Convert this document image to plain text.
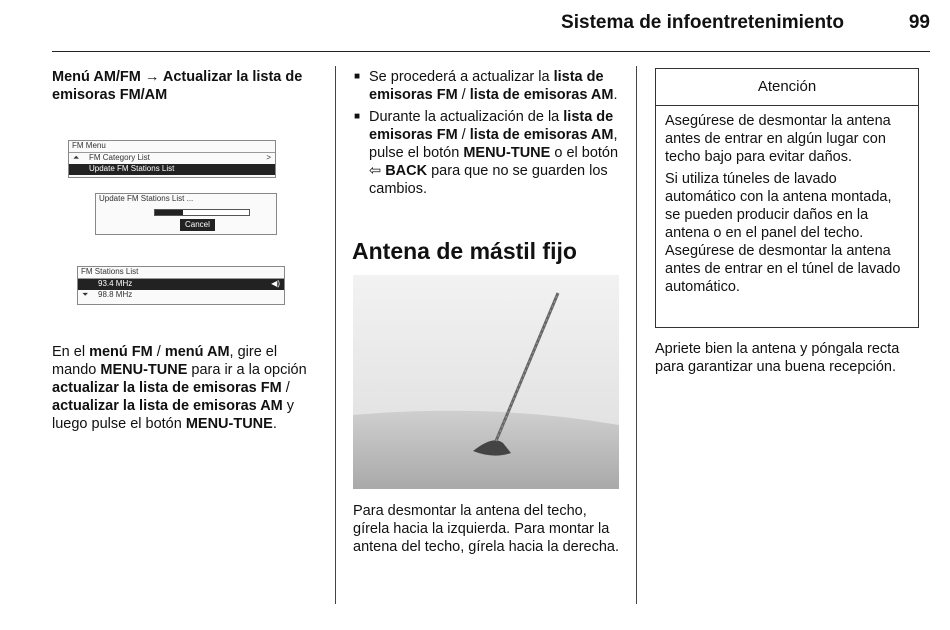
Sistema de infoentretenimiento	99
Menú AM/FM → Actualizar la lista de emisoras FM/AM
FM Menu
⏶ FM Category List	>
Update FM Stations List
Update FM Stations List ...
Cancel
FM Stations List
93.4 MHz	◀)
⏷ 98.8 MHz
En el menú FM / menú AM, gire el mando MENU-TUNE para ir a la opción actualizar la lista de emisoras FM / actualizar la lista de emisoras AM y luego pulse el botón MENU-TUNE.
■ Se procederá a actualizar la lista de emisoras FM / lista de emisoras AM.
■ Durante la actualización de la lista de emisoras FM / lista de emisoras AM, pulse el botón MENU-TUNE o el botón ⇦ BACK para que no se guarden los cambios.
Antena de mástil fijo
Para desmontar la antena del techo, gírela hacia la izquierda. Para montar la antena del techo, gírela hacia la derecha.
Atención

Asegúrese de desmontar la antena antes de entrar en algún lugar con techo bajo para evitar daños.

Si utiliza túneles de lavado automático con la antena montada, se pueden producir daños en la antena o en el panel del techo. Asegúrese de desmontar la antena antes de entrar en el túnel de lavado automático.

Apriete bien la antena y póngala recta para garantizar una buena recepción.
